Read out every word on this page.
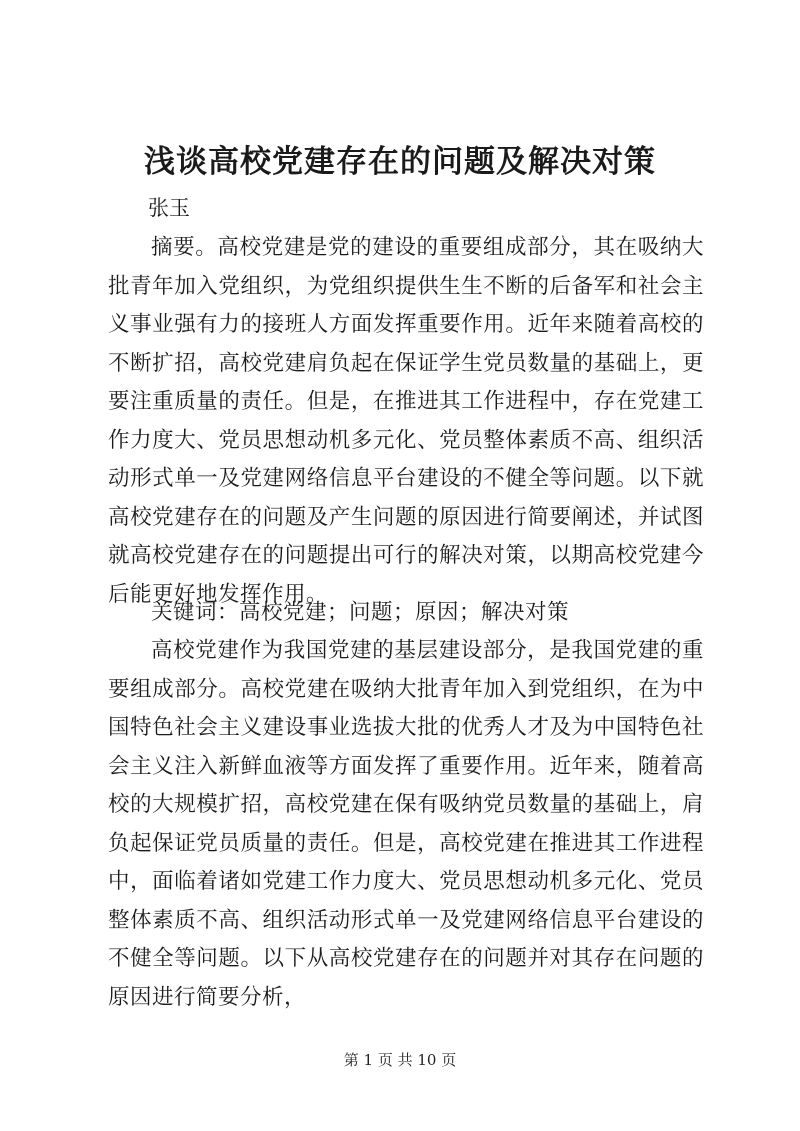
浅谈高校党建存在的问题及解决对策
张玉
摘要。高校党建是党的建设的重要组成部分，其在吸纳大批青年加入党组织，为党组织提供生生不断的后备军和社会主义事业强有力的接班人方面发挥重要作用。近年来随着高校的不断扩招，高校党建肩负起在保证学生党员数量的基础上，更要注重质量的责任。但是，在推进其工作进程中，存在党建工作力度大、党员思想动机多元化、党员整体素质不高、组织活动形式单一及党建网络信息平台建设的不健全等问题。以下就高校党建存在的问题及产生问题的原因进行简要阐述，并试图就高校党建存在的问题提出可行的解决对策，以期高校党建今后能更好地发挥作用。
关键词：高校党建；问题；原因；解决对策
高校党建作为我国党建的基层建设部分，是我国党建的重要组成部分。高校党建在吸纳大批青年加入到党组织，在为中国特色社会主义建设事业选拔大批的优秀人才及为中国特色社会主义注入新鲜血液等方面发挥了重要作用。近年来，随着高校的大规模扩招，高校党建在保有吸纳党员数量的基础上，肩负起保证党员质量的责任。但是，高校党建在推进其工作进程中，面临着诸如党建工作力度大、党员思想动机多元化、党员整体素质不高、组织活动形式单一及党建网络信息平台建设的不健全等问题。以下从高校党建存在的问题并对其存在问题的原因进行简要分析，
第 1 页 共 10 页
